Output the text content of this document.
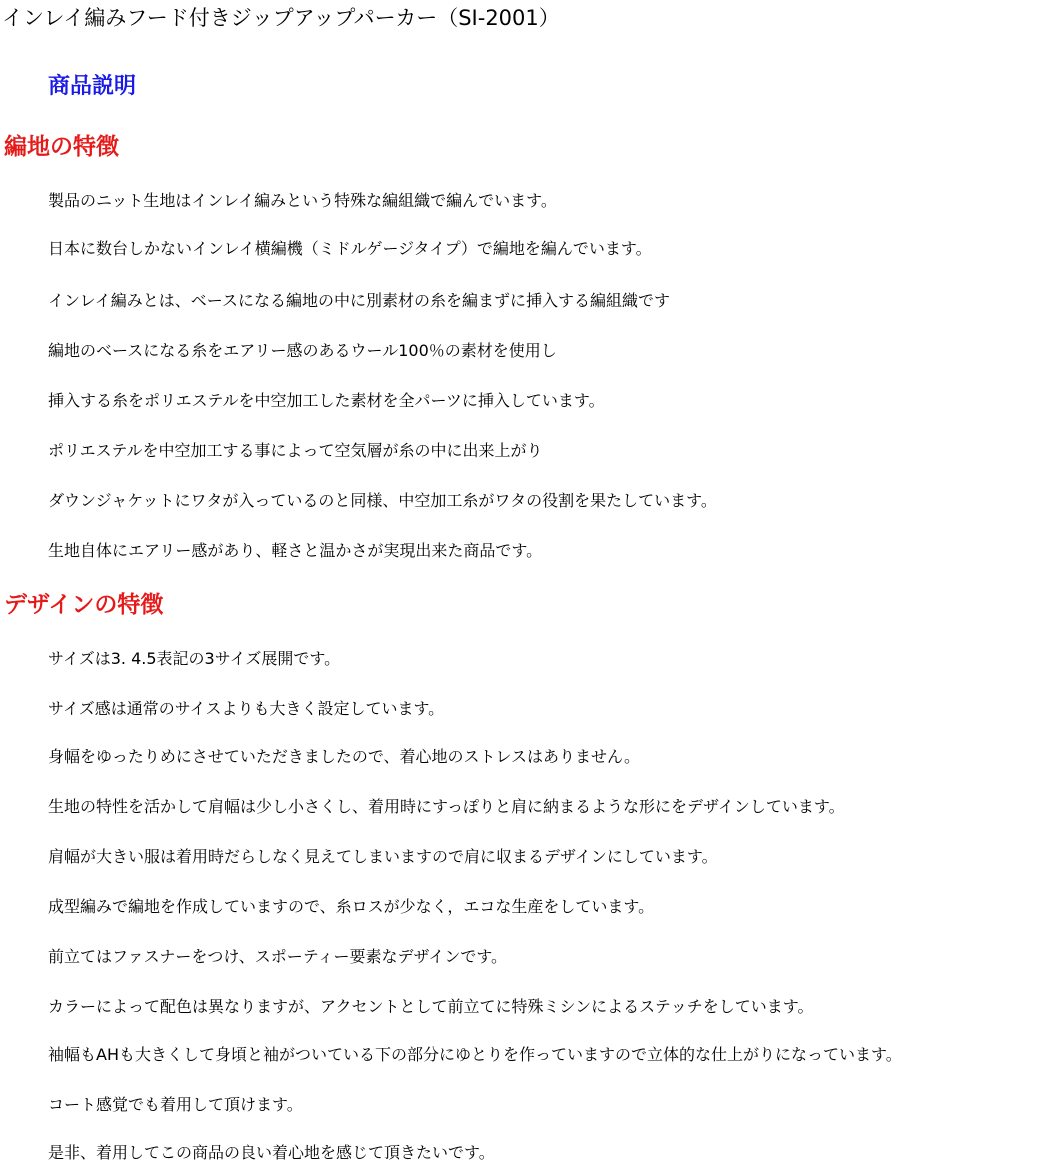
インレイ編みフード付きジップアップパーカー（SI-2001）
商品説明
編地の特徴
製品のニット生地はインレイ編みという特殊な編組織で編んでいます。
日本に数台しかないインレイ横編機（ミドルゲージタイプ）で編地を編んでいます。
インレイ編みとは、ベースになる編地の中に別素材の糸を編まずに挿入する編組織です
編地のベースになる糸をエアリー感のあるウール100％の素材を使用し
挿入する糸をポリエステルを中空加工した素材を全パーツに挿入しています。
ポリエステルを中空加工する事によって空気層が糸の中に出来上がり
ダウンジャケットにワタが入っているのと同様、中空加工糸がワタの役割を果たしています。
生地自体にエアリー感があり、軽さと温かさが実現出来た商品です。
デザインの特徴
サイズは3. 4.5表記の3サイズ展開です。
サイズ感は通常のサイスよりも大きく設定しています。
身幅をゆったりめにさせていただきましたので、着心地のストレスはありません。
生地の特性を活かして肩幅は少し小さくし、着用時にすっぽりと肩に納まるような形にをデザインしています。
肩幅が大きい服は着用時だらしなく見えてしまいますので肩に収まるデザインにしています。
成型編みで編地を作成していますので、糸ロスが少なく，エコな生産をしています。
前立てはファスナーをつけ、スポーティー要素なデザインです。
カラーによって配色は異なりますが、アクセントとして前立てに特殊ミシンによるステッチをしています。
袖幅もAHも大きくして身頃と袖がついている下の部分にゆとりを作っていますので立体的な仕上がりになっています。
コート感覚でも着用して頂けます。
是非、着用してこの商品の良い着心地を感じて頂きたいです。
